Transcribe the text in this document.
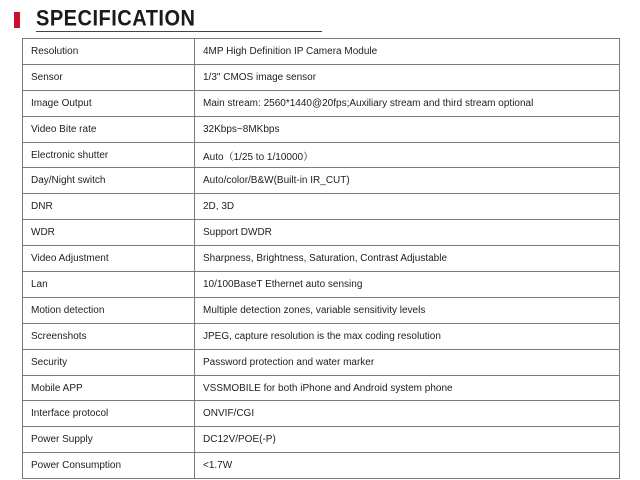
SPECIFICATION
Resolution	4MP High Definition IP Camera Module
Sensor	1/3" CMOS image sensor
Image Output	Main stream: 2560*1440@20fps;Auxiliary stream and third stream optional
Video Bite rate	32Kbps~8MKbps
Electronic shutter	Auto（1/25 to 1/10000）
Day/Night switch	Auto/color/B&W(Built-in IR_CUT)
DNR	2D, 3D
WDR	Support DWDR
Video Adjustment	Sharpness, Brightness, Saturation, Contrast Adjustable
Lan	10/100BaseT Ethernet auto sensing
Motion detection	Multiple detection zones, variable sensitivity levels
Screenshots	JPEG, capture resolution is the max coding resolution
Security	Password protection and water marker
Mobile APP	VSSMOBILE for both iPhone and Android system phone
Interface protocol	ONVIF/CGI
Power Supply	DC12V/POE(-P)
Power Consumption	<1.7W
